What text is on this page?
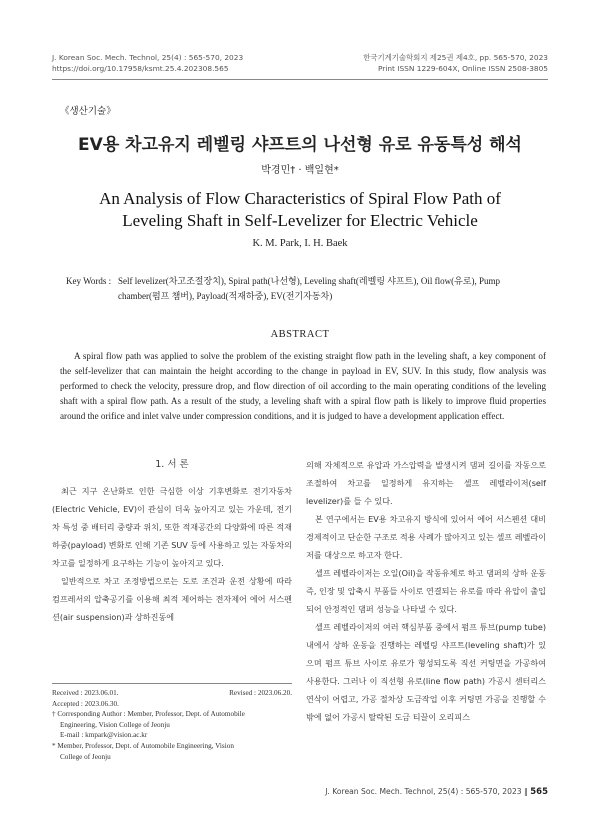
J. Korean Soc. Mech. Technol, 25(4) : 565-570, 2023
https://doi.org/10.17958/ksmt.25.4.202308.565
한국기계기술학회지 제25권 제4호, pp. 565-570, 2023
Print ISSN 1229-604X, Online ISSN 2508-3805
《생산기술》
EV용 차고유지 레벨링 샤프트의 나선형 유로 유동특성 해석
박경민† · 백일현*
An Analysis of Flow Characteristics of Spiral Flow Path of
Leveling Shaft in Self-Levelizer for Electric Vehicle
K. M. Park, I. H. Baek
Key Words : Self levelizer(차고조절장치), Spiral path(나선형), Leveling shaft(레벨링 샤프트), Oil flow(유로), Pump
chamber(펌프 챔버), Payload(적재하중), EV(전기자동차)
ABSTRACT

A spiral flow path was applied to solve the problem of the existing straight flow path in the leveling shaft, a key component of the self-levelizer that can maintain the height according to the change in payload in EV, SUV. In this study, flow analysis was performed to check the velocity, pressure drop, and flow direction of oil according to the main operating conditions of the leveling shaft with a spiral flow path. As a result of the study, a leveling shaft with a spiral flow path is likely to improve fluid properties around the orifice and inlet valve under compression conditions, and it is judged to have a development application effect.

1. 서 론

최근 지구 온난화로 인한 극심한 이상 기후변화로 전기자동차(Electric Vehicle, EV)이 관심이 더욱 높아지고 있는 가운데, 전기차 특성 중 배터리 중량과 위치, 또한 적재공간의 다양화에 따른 적재하중(payload) 변화로 인해 기존 SUV 등에 사용하고 있는 자동차의 차고를 일정하게 요구하는 기능이 높아지고 있다.

일반적으로 차고 조정방법으로는 도로 조건과 운전 상황에 따라 컴프레서의 압축공기를 이용해 최적 제어하는 전자제어 에어 서스펜션(air suspension)과 상하진동에

의해 자체적으로 유압과 가스압력을 발생시켜 댐퍼 길이를 자동으로 조절하여 차고를 일정하게 유지하는 셀프 레벨라이저(self levelizer)를 들 수 있다.

본 연구에서는 EV용 차고유지 방식에 있어서 에어 서스펜션 대비 경제적이고 단순한 구조로 적용 사례가 많아지고 있는 셀프 레벨라이저를 대상으로 하고자 한다.

셀프 레벨라이저는 오일(Oil)을 작동유체로 하고 댐퍼의 상하 운동 즉, 인장 및 압축시 부품들 사이로 연결되는 유로를 따라 유압이 출입되어 안정적인 댐퍼 성능을 나타낼 수 있다.

셀프 레벨라이저의 여러 핵심부품 중에서 펌프 튜브(pump tube) 내에서 상하 운동을 진행하는 레벨링 샤프트(leveling shaft)가 있으며 펌프 튜브 사이로 유로가 형성되도록 직선 커팅면을 가공하여 사용한다. 그러나 이 직선형 유로(line flow path) 가공시 센터리스 연삭이 어렵고, 가공 절차상 도금작업 이후 커팅면 가공을 진행할 수 밖에 없어 가공시 탈락된 도금 티끌이 오리피스

Received : 2023.06.01.	Revised : 2023.06.20.
Accepted : 2023.06.30.
† Corresponding Author : Member, Professor, Dept. of Automobile
Engineering, Vision College of Jeonju
E-mail : kmpark@vision.ac.kr
* Member, Professor, Dept. of Automobile Engineering, Vision
College of Jeonju
J. Korean Soc. Mech. Technol, 25(4) : 565-570, 2023 ‖ 565
